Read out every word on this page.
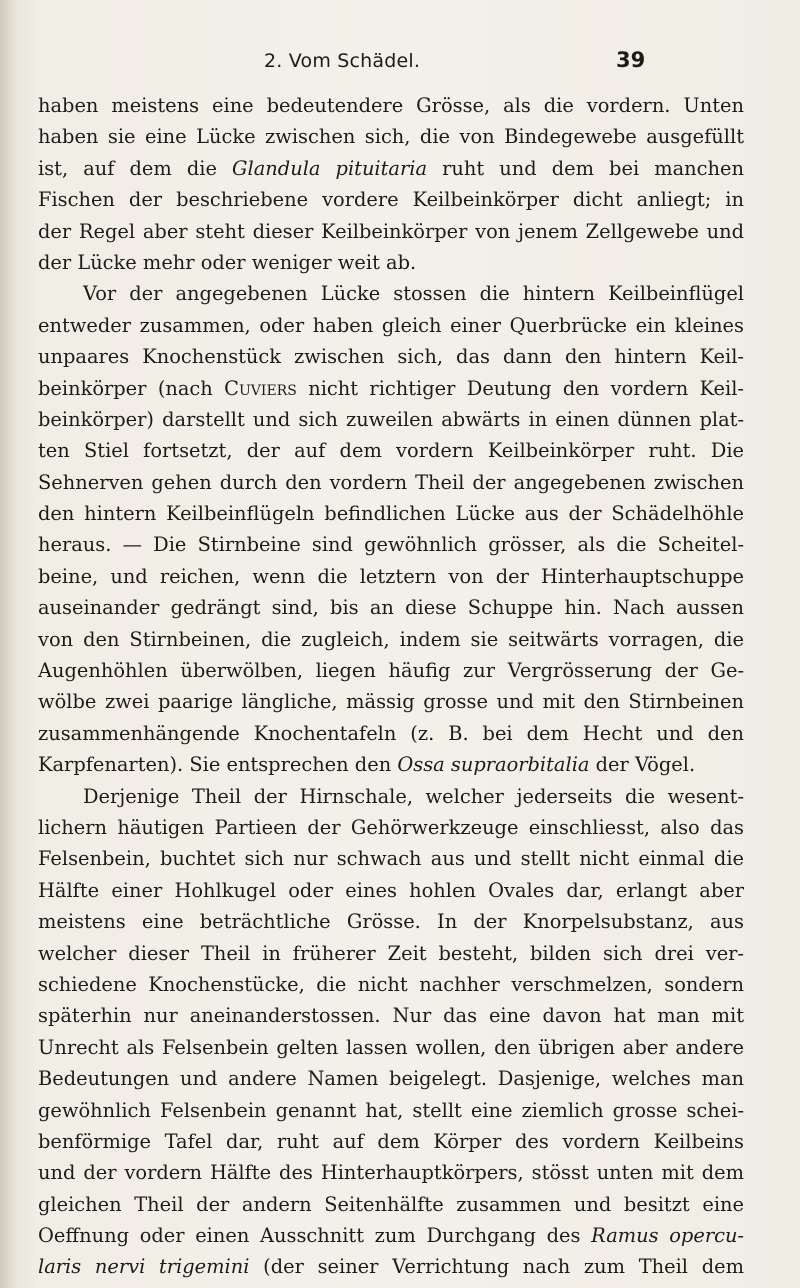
2. Vom Schädel.	39
haben meistens eine bedeutendere Grösse, als die vordern. Unten
haben sie eine Lücke zwischen sich, die von Bindegewebe ausgefüllt
ist, auf dem die Glandula pituitaria ruht und dem bei manchen
Fischen der beschriebene vordere Keilbeinkörper dicht anliegt; in
der Regel aber steht dieser Keilbeinkörper von jenem Zellgewebe und
der Lücke mehr oder weniger weit ab.
Vor der angegebenen Lücke stossen die hintern Keilbeinflügel
entweder zusammen, oder haben gleich einer Querbrücke ein kleines
unpaares Knochenstück zwischen sich, das dann den hintern Keil-
beinkörper (nach Cuviers nicht richtiger Deutung den vordern Keil-
beinkörper) darstellt und sich zuweilen abwärts in einen dünnen plat-
ten Stiel fortsetzt, der auf dem vordern Keilbeinkörper ruht. Die
Sehnerven gehen durch den vordern Theil der angegebenen zwischen
den hintern Keilbeinflügeln befindlichen Lücke aus der Schädelhöhle
heraus. — Die Stirnbeine sind gewöhnlich grösser, als die Scheitel-
beine, und reichen, wenn die letztern von der Hinterhauptschuppe
auseinander gedrängt sind, bis an diese Schuppe hin. Nach aussen
von den Stirnbeinen, die zugleich, indem sie seitwärts vorragen, die
Augenhöhlen überwölben, liegen häufig zur Vergrösserung der Ge-
wölbe zwei paarige längliche, mässig grosse und mit den Stirnbeinen
zusammenhängende Knochentafeln (z. B. bei dem Hecht und den
Karpfenarten). Sie entsprechen den Ossa supraorbitalia der Vögel.
Derjenige Theil der Hirnschale, welcher jederseits die wesent-
lichern häutigen Partieen der Gehörwerkzeuge einschliesst, also das
Felsenbein, buchtet sich nur schwach aus und stellt nicht einmal die
Hälfte einer Hohlkugel oder eines hohlen Ovales dar, erlangt aber
meistens eine beträchtliche Grösse. In der Knorpelsubstanz, aus
welcher dieser Theil in früherer Zeit besteht, bilden sich drei ver-
schiedene Knochenstücke, die nicht nachher verschmelzen, sondern
späterhin nur aneinanderstossen. Nur das eine davon hat man mit
Unrecht als Felsenbein gelten lassen wollen, den übrigen aber andere
Bedeutungen und andere Namen beigelegt. Dasjenige, welches man
gewöhnlich Felsenbein genannt hat, stellt eine ziemlich grosse schei-
benförmige Tafel dar, ruht auf dem Körper des vordern Keilbeins
und der vordern Hälfte des Hinterhauptkörpers, stösst unten mit dem
gleichen Theil der andern Seitenhälfte zusammen und besitzt eine
Oeffnung oder einen Ausschnitt zum Durchgang des Ramus opercu-
laris nervi trigemini (der seiner Verrichtung nach zum Theil dem
